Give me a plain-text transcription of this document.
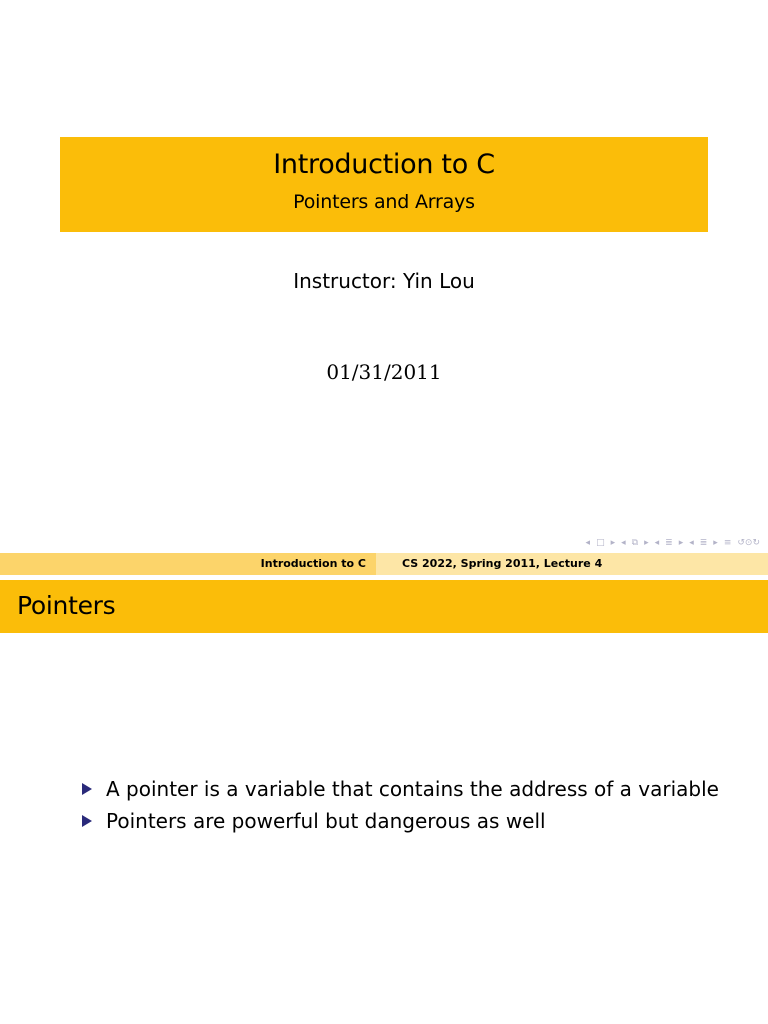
Introduction to C
Pointers and Arrays
Instructor: Yin Lou
01/31/2011
◂ □ ▸ ◂ ⧉ ▸ ◂ ≣ ▸ ◂ ≣ ▸ ≡ ↺⊙↻
Introduction to C	CS 2022, Spring 2011, Lecture 4
Pointers
A pointer is a variable that contains the address of a variable
Pointers are powerful but dangerous as well
